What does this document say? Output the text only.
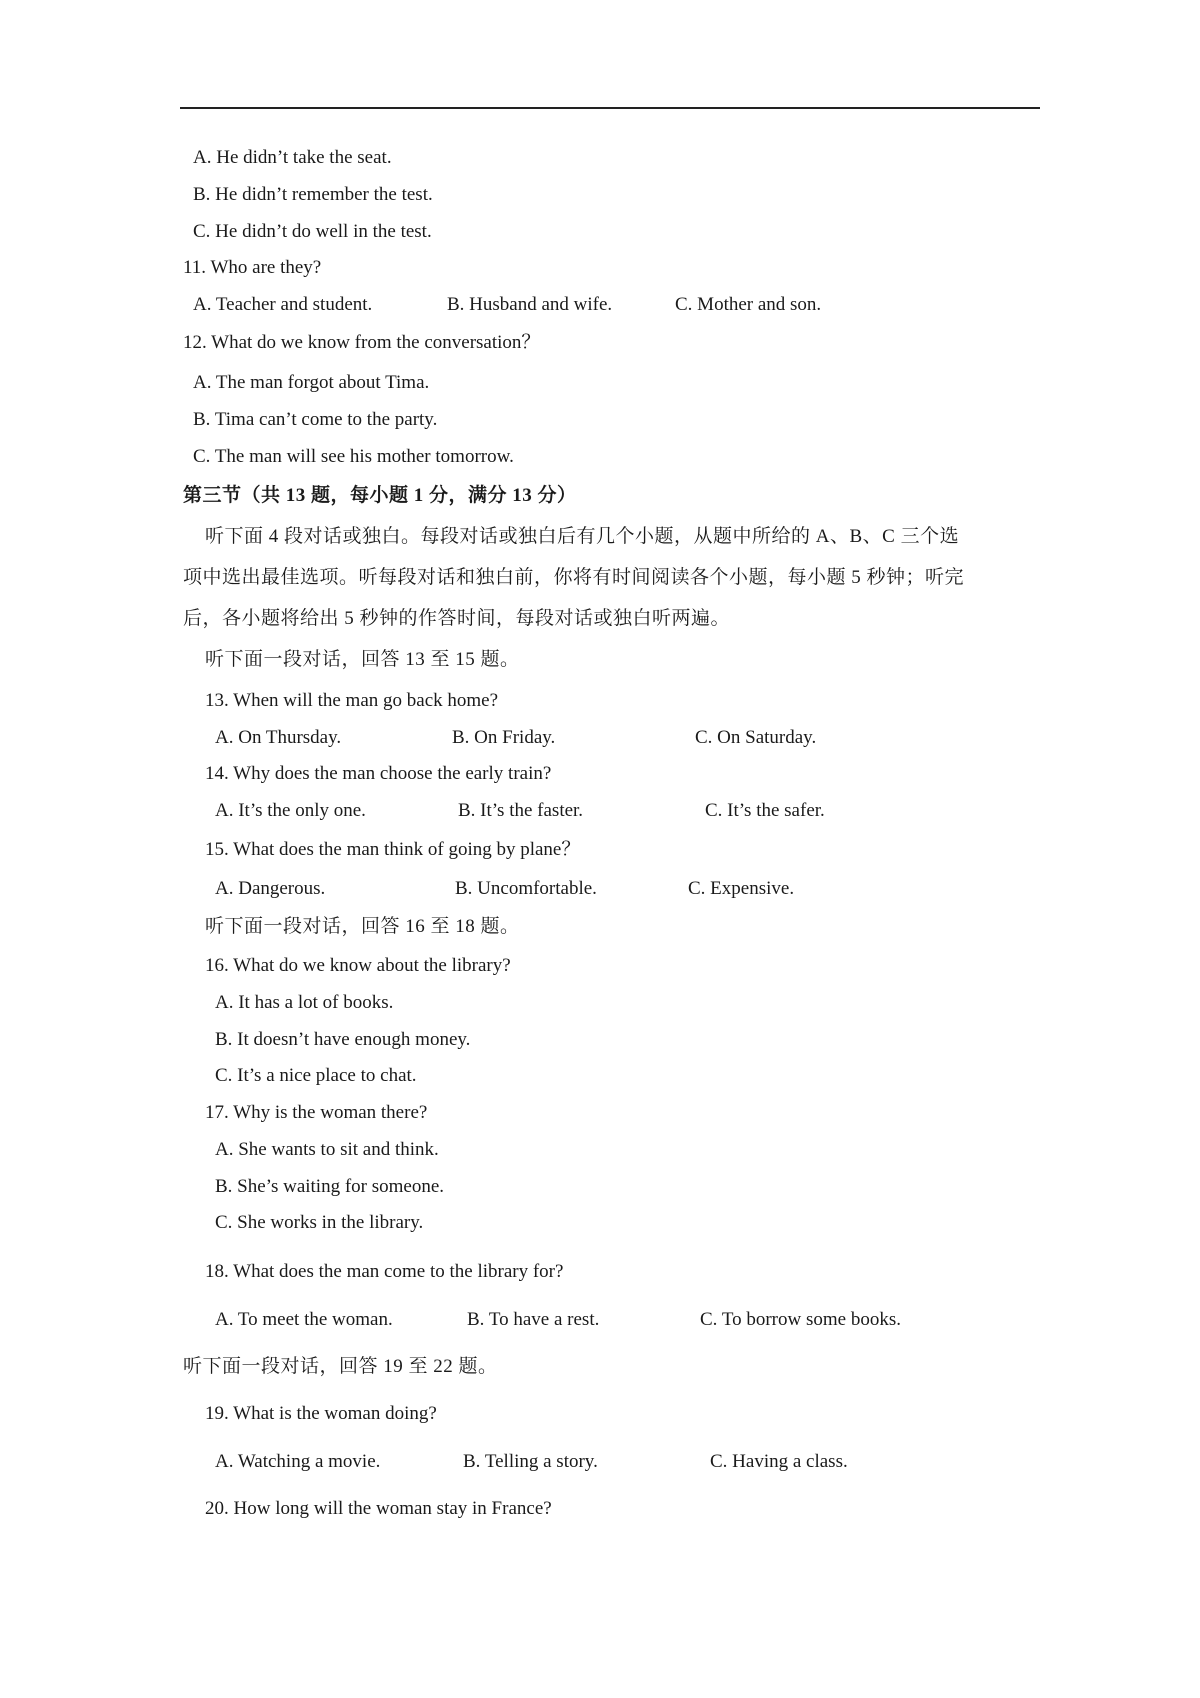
A. He didn’t take the seat.
B. He didn’t remember the test.
C. He didn’t do well in the test.
11. Who are they?
A. Teacher and student.	B. Husband and wife.	C. Mother and son.
12. What do we know from the conversation？
A. The man forgot about Tima.
B. Tima can’t come to the party.
C. The man will see his mother tomorrow.
第三节（共 13 题，每小题 1 分，满分 13 分）
听下面 4 段对话或独白。每段对话或独白后有几个小题，从题中所给的 A、B、C 三个选
项中选出最佳选项。听每段对话和独白前，你将有时间阅读各个小题，每小题 5 秒钟；听完
后，各小题将给出 5 秒钟的作答时间，每段对话或独白听两遍。
听下面一段对话，回答 13 至 15 题。
13. When will the man go back home?
A. On Thursday.	B. On Friday.	C. On Saturday.
14. Why does the man choose the early train?
A. It’s the only one.	B. It’s the faster.	C. It’s the safer.
15. What does the man think of going by plane？
A. Dangerous.	B. Uncomfortable.	C. Expensive.
听下面一段对话，回答 16 至 18 题。
16. What do we know about the library?
A. It has a lot of books.
B. It doesn’t have enough money.
C. It’s a nice place to chat.
17. Why is the woman there?
A. She wants to sit and think.
B. She’s waiting for someone.
C. She works in the library.
18. What does the man come to the library for?
A. To meet the woman.	B. To have a rest.	C. To borrow some books.
听下面一段对话，回答 19 至 22 题。
19. What is the woman doing?
A. Watching a movie.	B. Telling a story.	C. Having a class.
20. How long will the woman stay in France?
